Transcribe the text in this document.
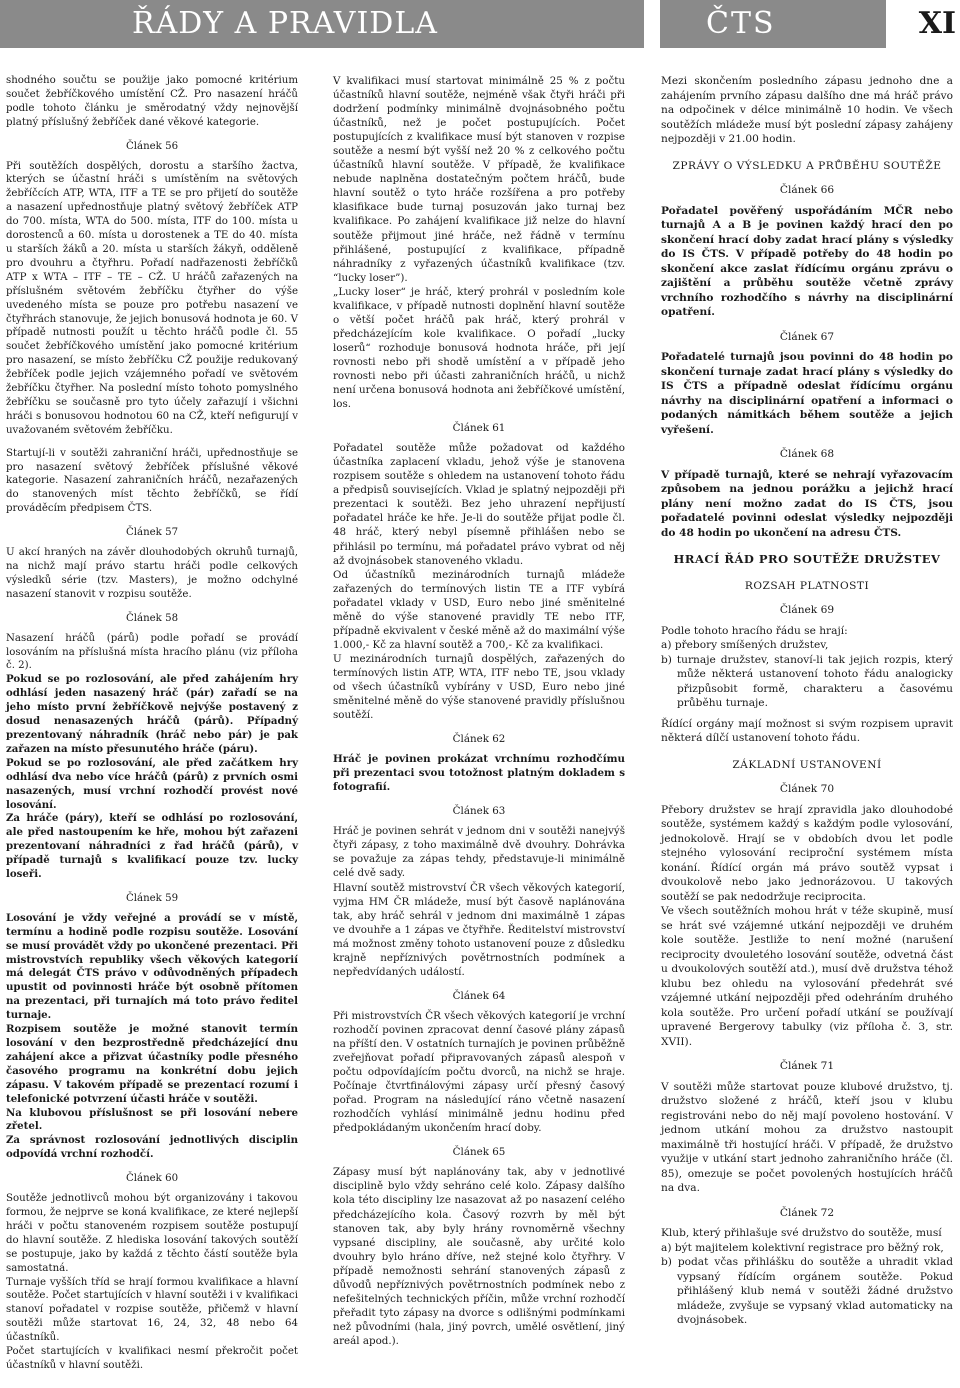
ŘÁDY A PRAVIDLA	ČTS	XI

shodného součtu se použije jako pomocné kritérium součet žebříčkového umístění CŽ. Pro nasazení hráčů podle tohoto článku je směrodatný vždy nejnovější platný příslušný žebříček dané věkové kategorie.

Článek 56

Při soutěžích dospělých, dorostu a staršího žactva, kterých se účastní hráči s umístěním na světových žebříčcích ATP, WTA, ITF a TE se pro přijetí do soutěže a nasazení upřednostňuje platný světový žebříček ATP do 700. místa, WTA do 500. místa, ITF do 100. místa u dorostenců a 60. místa u dorostenek a TE do 40. místa u starších žáků a 20. místa u starších žákyň, odděleně pro dvouhru a čtyřhru. Pořadí nadřazenosti žebříčků ATP x WTA – ITF – TE – CŽ. U hráčů zařazených na příslušném světovém žebříčku čtyřher do výše uvedeného místa se pouze pro potřebu nasazení ve čtyřhrách stanovuje, že jejich bonusová hodnota je 60. V případě nutnosti použít u těchto hráčů podle čl. 55 součet žebříčkového umístění jako pomocné kritérium pro nasazení, se místo žebříčku CŽ použije redukovaný žebříček podle jejich vzájemného pořadí ve světovém žebříčku čtyřher. Na poslední místo tohoto pomyslného žebříčku se současně pro tyto účely zařazují i všichni hráči s bonusovou hodnotou 60 na CŽ, kteří nefigurují v uvažovaném světovém žebříčku.

Startují-li v soutěži zahraniční hráči, upřednostňuje se pro nasazení světový žebříček příslušné věkové kategorie. Nasazení zahraničních hráčů, nezařazených do stanovených míst těchto žebříčků, se řídí prováděcím předpisem ČTS.

Článek 57

U akcí hraných na závěr dlouhodobých okruhů turnajů, na nichž mají právo startu hráči podle celkových výsledků série (tzv. Masters), je možno odchylné nasazení stanovit v rozpisu soutěže.

Článek 58

Nasazení hráčů (párů) podle pořadí se provádí losováním na příslušná místa hracího plánu (viz příloha č. 2).

Pokud se po rozlosování, ale před zahájením hry odhlásí jeden nasazený hráč (pár) zařadí se na jeho místo první žebříčkově nejvýše postavený z dosud nenasazených hráčů (párů). Případný prezentovaný náhradník (hráč nebo pár) je pak zařazen na místo přesunutého hráče (páru).

Pokud se po rozlosování, ale před začátkem hry odhlásí dva nebo více hráčů (párů) z prvních osmi nasazených, musí vrchní rozhodčí provést nové losování.

Za hráče (páry), kteří se odhlásí po rozlosování, ale před nastoupením ke hře, mohou být zařazeni prezentovaní náhradníci z řad hráčů (párů), v případě turnajů s kvalifikací pouze tzv. lucky loseři.

Článek 59

Losování je vždy veřejné a provádí se v místě, termínu a hodině podle rozpisu soutěže. Losování se musí provádět vždy po ukončené prezentaci. Při mistrovstvích republiky všech věkových kategorií má delegát ČTS právo v odůvodněných případech upustit od povinnosti hráče být osobně přítomen na prezentaci, při turnajích má toto právo ředitel turnaje.

Rozpisem soutěže je možné stanovit termín losování v den bezprostředně předcházející dnu zahájení akce a přizvat účastníky podle přesného časového programu na konkrétní dobu jejich zápasu. V takovém případě se prezentací rozumí i telefonické potvrzení účasti hráče v soutěži.

Na klubovou příslušnost se při losování nebere zřetel.

Za správnost rozlosování jednotlivých disciplin odpovídá vrchní rozhodčí.

Článek 60

Soutěže jednotlivců mohou být organizovány i takovou formou, že nejprve se koná kvalifikace, ze které nejlepší hráči v počtu stanoveném rozpisem soutěže postupují do hlavní soutěže. Z hlediska losování takových soutěží se postupuje, jako by každá z těchto částí soutěže byla samostatná.

Turnaje vyšších tříd se hrají formou kvalifikace a hlavní soutěže. Počet startujících v hlavní soutěži i v kvalifikaci stanoví pořadatel v rozpise soutěže, přičemž v hlavní soutěži může startovat 16, 24, 32, 48 nebo 64 účastníků.

Počet startujících v kvalifikaci nesmí překročit počet účastníků v hlavní soutěži.

V kvalifikaci musí startovat minimálně 25 % z počtu účastníků hlavní soutěže, nejméně však čtyři hráči při dodržení podmínky minimálně dvojnásobného počtu účastníků, než je počet postupujících. Počet postupujících z kvalifikace musí být stanoven v rozpise soutěže a nesmí být vyšší než 20 % z celkového počtu účastníků hlavní soutěže. V případě, že kvalifikace nebude naplněna dostatečným počtem hráčů, bude hlavní soutěž o tyto hráče rozšířena a pro potřeby klasifikace bude turnaj posuzován jako turnaj bez kvalifikace. Po zahájení kvalifikace již nelze do hlavní soutěže přijmout jiné hráče, než řádně v termínu přihlášené, postupující z kvalifikace, případně náhradníky z vyřazených účastníků kvalifikace (tzv. “lucky loser”).

„Lucky loser“ je hráč, který prohrál v posledním kole kvalifikace, v případě nutnosti doplnění hlavní soutěže o větší počet hráčů pak hráč, který prohrál v předcházejícím kole kvalifikace. O pořadí „lucky loserů“ rozhoduje bonusová hodnota hráče, při její rovnosti nebo při shodě umístění a v případě jeho rovnosti nebo při účasti zahraničních hráčů, u nichž není určena bonusová hodnota ani žebříčkové umístění, los.

Článek 61

Pořadatel soutěže může požadovat od každého účastníka zaplacení vkladu, jehož výše je stanovena rozpisem soutěže s ohledem na ustanovení tohoto řádu a předpisů souvisejících. Vklad je splatný nejpozději při prezentaci k soutěži. Bez jeho uhrazení nepřijustí pořadatel hráče ke hře. Je-li do soutěže přijat podle čl. 48 hráč, který nebyl písemně přihlášen nebo se přihlásil po termínu, má pořadatel právo vybrat od něj až dvojnásobek stanoveného vkladu.

Od účastníků mezinárodních turnajů mládeže zařazených do termínových listin TE a ITF vybírá pořadatel vklady v USD, Euro nebo jiné směnitelné měně do výše stanovené pravidly TE nebo ITF, případně ekvivalent v české měně až do maximální výše 1.000,- Kč za hlavní soutěž a 700,- Kč za kvalifikaci.

U mezinárodních turnajů dospělých, zařazených do termínových listin ATP, WTA, ITF nebo TE, jsou vklady od všech účastníků vybírány v USD, Euro nebo jiné směnitelné měně do výše stanovené pravidly příslušnou soutěží.

Článek 62

Hráč je povinen prokázat vrchnímu rozhodčímu při prezentaci svou totožnost platným dokladem s fotografií.

Článek 63

Hráč je povinen sehrát v jednom dni v soutěži nanejvýš čtyři zápasy, z toho maximálně dvě dvouhry. Dohrávka se považuje za zápas tehdy, představuje-li minimálně celé dvě sady.

Hlavní soutěž mistrovství ČR všech věkových kategorií, vyjma HM ČR mládeže, musí být časově naplánována tak, aby hráč sehrál v jednom dni maximálně 1 zápas ve dvouhře a 1 zápas ve čtyřhře. Ředitelství mistrovství má možnost změny tohoto ustanovení pouze z důsledku krajně nepříznivých povětrnostních podmínek a nepředvídaných událostí.

Článek 64

Při mistrovstvích ČR všech věkových kategorií je vrchní rozhodčí povinen zpracovat denní časové plány zápasů na příští den. V ostatních turnajích je povinen průběžně zveřejňovat pořadí připravovaných zápasů alespoň v počtu odpovídajícím počtu dvorců, na nichž se hraje. Počínaje čtvrtfinálovými zápasy určí přesný časový pořad. Program na následující ráno včetně nasazení rozhodčích vyhlásí minimálně jednu hodinu před předpokládaným ukončením hrací doby.

Článek 65

Zápasy musí být naplánovány tak, aby v jednotlivé disciplině bylo vždy sehráno celé kolo. Zápasy dalšího kola této discipliny lze nasazovat až po nasazení celého předcházejícího kola. Časový rozvrh by měl být stanoven tak, aby byly hrány rovnoměrně všechny vypsané discipliny, ale současně, aby určité kolo dvouhry bylo hráno dříve, než stejné kolo čtyřhry. V případě nemožnosti sehrání stanovených zápasů z důvodů nepříznivých povětrnostních podmínek nebo z nefešitelných technických příčin, může vrchní rozhodčí přeřadit tyto zápasy na dvorce s odlišnými podmínkami než původními (hala, jiný povrch, umělé osvětlení, jiný areál apod.).

Mezi skončením posledního zápasu jednoho dne a zahájením prvního zápasu dalšího dne má hráč právo na odpočinek v délce minimálně 10 hodin. Ve všech soutěžích mládeže musí být poslední zápasy zahájeny nejpozději v 21.00 hodin.

ZPRÁVY O VÝSLEDKU A PRŮBĚHU SOUTĚŽE
Článek 66

Pořadatel pověřený uspořádáním MČR nebo turnajů A a B je povinen každý hrací den po skončení hrací doby zadat hrací plány s výsledky do IS ČTS. V případě potřeby do 48 hodin po skončení akce zaslat řídícímu orgánu zprávu o zajištění a průběhu soutěže včetně zprávy vrchního rozhodčího s návrhy na disciplinární opatření.

Článek 67

Pořadatelé turnajů jsou povinni do 48 hodin po skončení turnaje zadat hrací plány s výsledky do IS ČTS a případně odeslat řídícímu orgánu návrhy na disciplinární opatření a informaci o podaných námitkách během soutěže a jejich vyřešení.

Článek 68

V případě turnajů, které se nehrají vyřazovacím způsobem na jednou porážku a jejichž hrací plány není možno zadat do IS ČTS, jsou pořadatelé povinni odeslat výsledky nejpozději do 48 hodin po ukončení na adresu ČTS.

HRACÍ ŘÁD PRO SOUTĚŽE DRUŽSTEV
ROZSAH PLATNOSTI
Článek 69

Podle tohoto hracího řádu se hrají:

a) přebory smíšených družstev,
b) turnaje družstev, stanoví-li tak jejich rozpis, který může některá ustanovení tohoto řádu analogicky přizpůsobit formě, charakteru a časovému průběhu turnaje.

Řídící orgány mají možnost si svým rozpisem upravit některá dílčí ustanovení tohoto řádu.

ZÁKLADNÍ USTANOVENÍ
Článek 70

Přebory družstev se hrají zpravidla jako dlouhodobé soutěže, systémem každý s každým podle vylosování, jednokolově. Hrají se v obdobích dvou let podle stejného vylosování reciproční systémem místa konání. Řídící orgán má právo soutěž vypsat i dvoukolově nebo jako jednorázovou. U takových soutěží se pak nedodržuje reciprocita.

Ve všech soutěžních mohou hrát v téže skupině, musí se hrát své vzájemné utkání nejpozději ve druhém kole soutěže. Jestliže to není možné (narušení reciprocity dvouletého losování soutěže, odvetná část u dvoukolových soutěží atd.), musí dvě družstva téhož klubu bez ohledu na vylosování předehrát své vzájemné utkání nejpozději před odehráním druhého kola soutěže. Pro určení pořadí utkání se používají upravené Bergerovy tabulky (viz příloha č. 3, str. XVII).

Článek 71

V soutěži může startovat pouze klubové družstvo, tj. družstvo složené z hráčů, kteří jsou v klubu registrováni nebo do něj mají povoleno hostování. V jednom utkání mohou za družstvo nastoupit maximálně tři hostující hráči. V případě, že družstvo využije v utkání start jednoho zahraničního hráče (čl. 85), omezuje se počet povolených hostujících hráčů na dva.

Článek 72

Klub, který přihlašuje své družstvo do soutěže, musí

a) být majitelem kolektivní registrace pro běžný rok,
b) podat včas přihlášku do soutěže a uhradit vklad vypsaný řídícím orgánem soutěže. Pokud přihlášený klub nemá v soutěži žádné družstvo mládeže, zvyšuje se vypsaný vklad automaticky na dvojnásobek.
